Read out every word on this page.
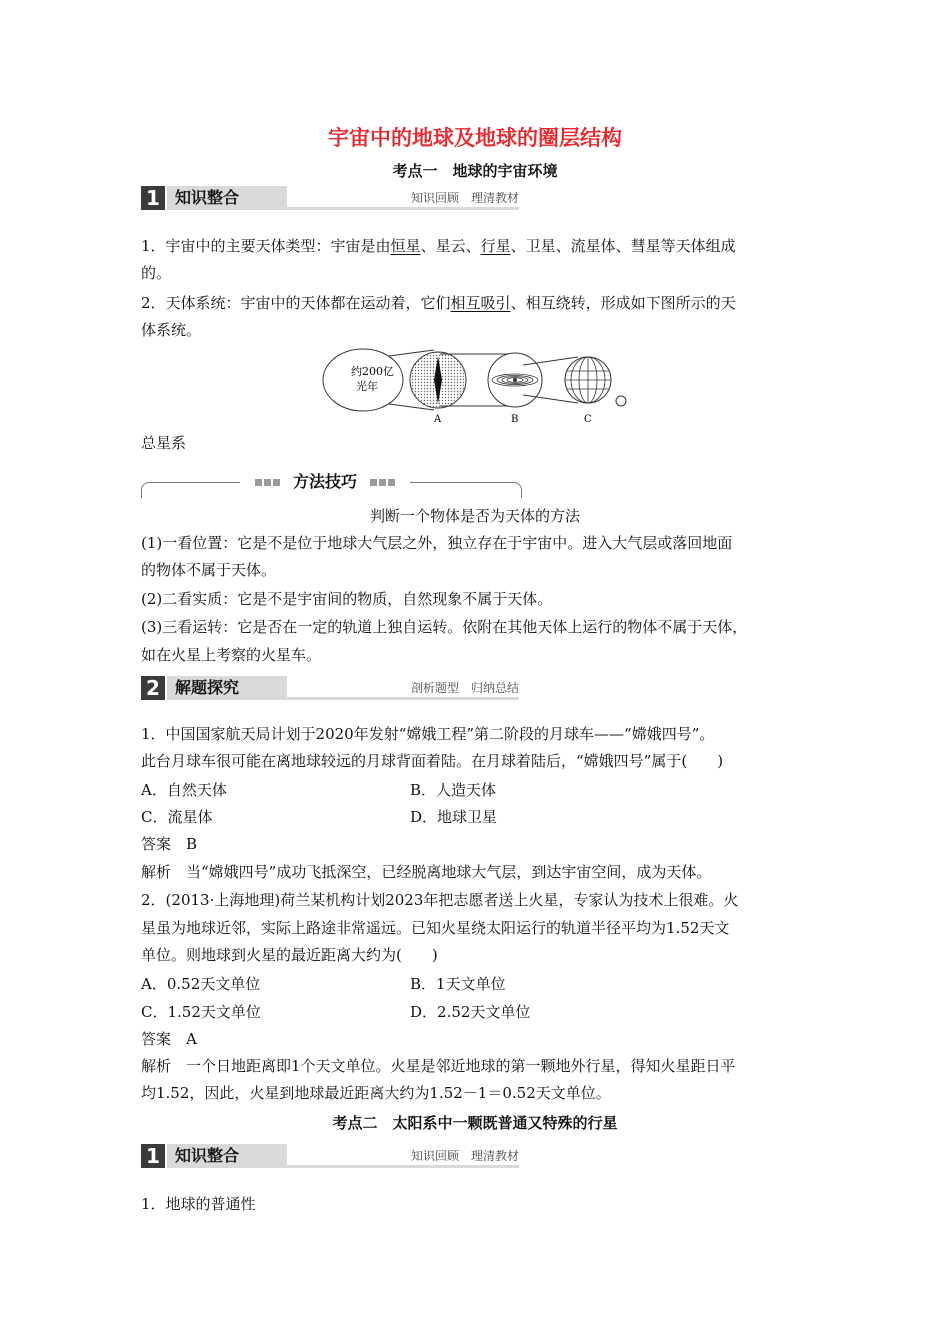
宇宙中的地球及地球的圈层结构
考点一　地球的宇宙环境
1 知识整合	知识回顾　理清教材
1．宇宙中的主要天体类型：宇宙是由恒星、星云、行星、卫星、流星体、彗星等天体组成
的。
2．天体系统：宇宙中的天体都在运动着，它们相互吸引、相互绕转，形成如下图所示的天
体系统。
约200亿
光年
A	B	C
总星系
方法技巧
判断一个物体是否为天体的方法
(1)一看位置：它是不是位于地球大气层之外，独立存在于宇宙中。进入大气层或落回地面
的物体不属于天体。
(2)二看实质：它是不是宇宙间的物质，自然现象不属于天体。
(3)三看运转：它是否在一定的轨道上独自运转。依附在其他天体上运行的物体不属于天体，
如在火星上考察的火星车。
2 解题探究	剖析题型　归纳总结
1．中国国家航天局计划于2020年发射“嫦娥工程”第二阶段的月球车——“嫦娥四号”。
此台月球车很可能在离地球较远的月球背面着陆。在月球着陆后，“嫦娥四号”属于(　　)
A．自然天体	B．人造天体
C．流星体	D．地球卫星
答案　B
解析　当“嫦娥四号”成功飞抵深空，已经脱离地球大气层，到达宇宙空间，成为天体。
2．(2013·上海地理)荷兰某机构计划2023年把志愿者送上火星，专家认为技术上很难。火
星虽为地球近邻，实际上路途非常遥远。已知火星绕太阳运行的轨道半径平均为1.52天文
单位。则地球到火星的最近距离大约为(　　)
A．0.52天文单位	B．1天文单位
C．1.52天文单位	D．2.52天文单位
答案　A
解析　一个日地距离即1个天文单位。火星是邻近地球的第一颗地外行星，得知火星距日平
均1.52，因此，火星到地球最近距离大约为1.52－1＝0.52天文单位。
考点二　太阳系中一颗既普通又特殊的行星
1 知识整合	知识回顾　理清教材
1．地球的普通性
